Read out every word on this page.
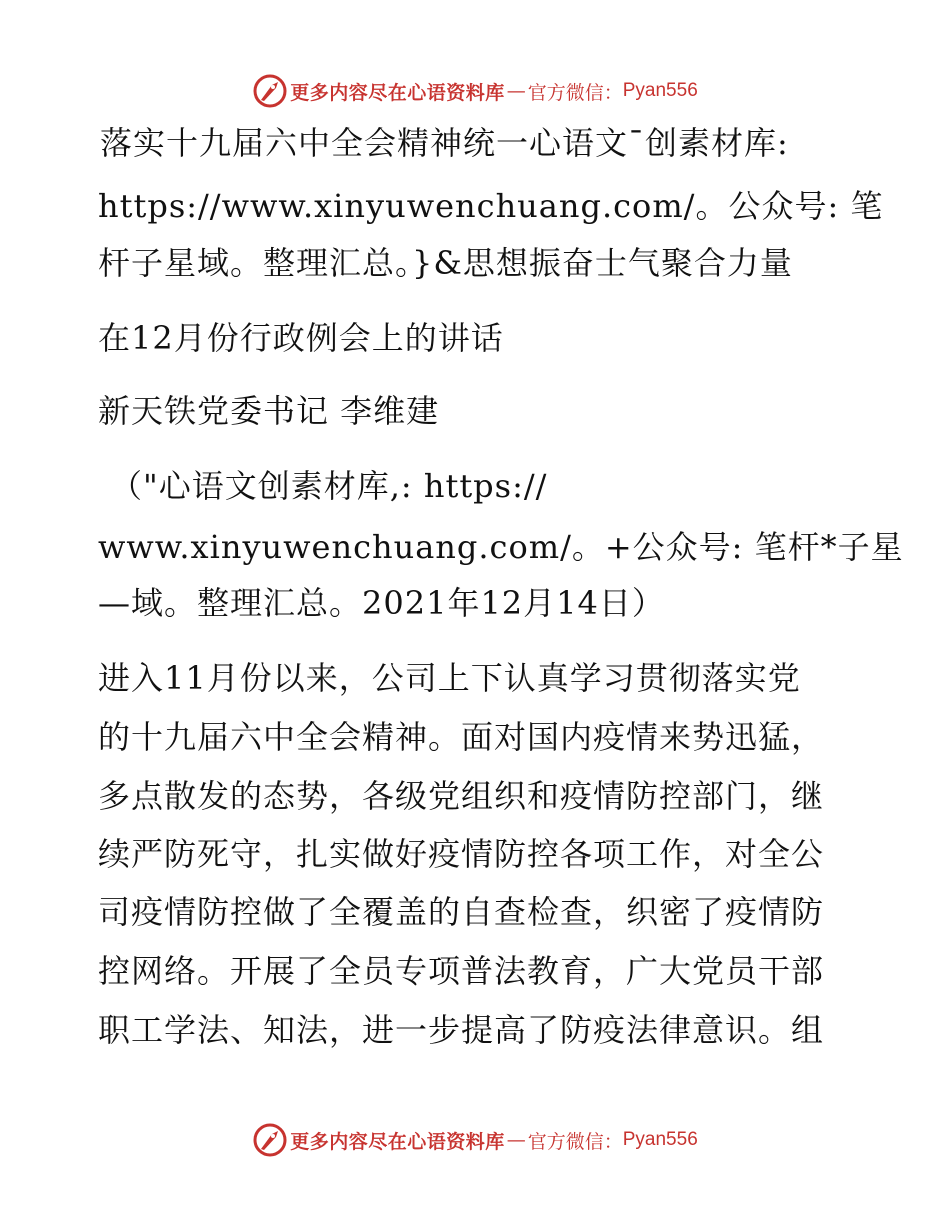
更多内容尽在心语资料库 — 官方微信： Pyan556
落实十九届六中全会精神统一心语文¯创素材库:
https://www.xinyuwenchuang.com/。公众号: 笔
杆子星域。整理汇总。}&思想振奋士气聚合力量
在12月份行政例会上的讲话
新天铁党委书记 李维建
（"心语文创素材库,: https://
www.xinyuwenchuang.com/。+公众号: 笔杆*子星
—域。整理汇总。2021年12月14日）
进入11月份以来，公司上下认真学习贯彻落实党
的十九届六中全会精神。面对国内疫情来势迅猛，
多点散发的态势，各级党组织和疫情防控部门，继
续严防死守，扎实做好疫情防控各项工作，对全公
司疫情防控做了全覆盖的自查检查，织密了疫情防
控网络。开展了全员专项普法教育，广大党员干部
职工学法、知法，进一步提高了防疫法律意识。组
更多内容尽在心语资料库 — 官方微信： Pyan556
